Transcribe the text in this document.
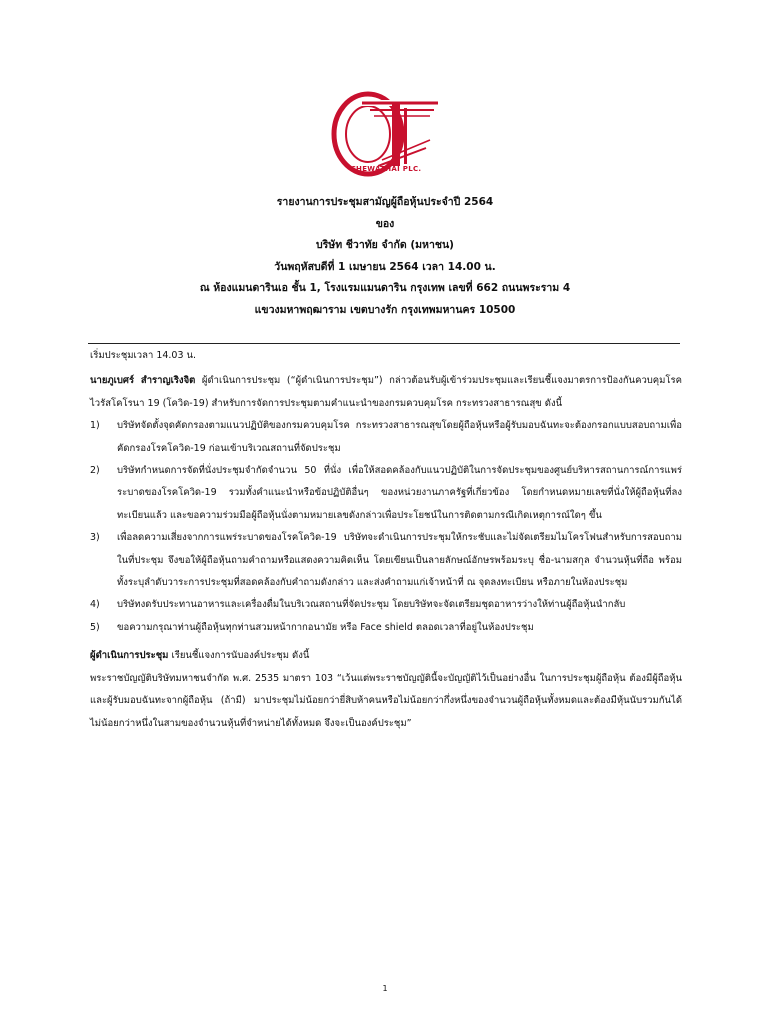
CHEWATHAI PLC.
รายงานการประชุมสามัญผู้ถือหุ้นประจำปี 2564
ของ
บริษัท ชีวาทัย จำกัด (มหาชน)
วันพฤหัสบดีที่ 1 เมษายน 2564 เวลา 14.00 น.
ณ ห้องแมนดารินเอ ชั้น 1, โรงแรมแมนดาริน กรุงเทพ เลขที่ 662 ถนนพระราม 4
แขวงมหาพฤฒาราม เขตบางรัก กรุงเทพมหานคร 10500

เริ่มประชุมเวลา 14.03 น.

นายภูเบศร์ สำราญเริงจิต ผู้ดำเนินการประชุม (“ผู้ดำเนินการประชุม”) กล่าวต้อนรับผู้เข้าร่วมประชุมและเรียนชี้แจงมาตรการป้องกันควบคุมโรคไวรัสโคโรนา 19 (โควิด-19) สำหรับการจัดการประชุมตามคำแนะนำของกรมควบคุมโรค กระทรวงสาธารณสุข ดังนี้

1) บริษัทจัดตั้งจุดคัดกรองตามแนวปฏิบัติของกรมควบคุมโรค กระทรวงสาธารณสุขโดยผู้ถือหุ้นหรือผู้รับมอบฉันทะจะต้องกรอกแบบสอบถามเพื่อคัดกรองโรคโควิด-19 ก่อนเข้าบริเวณสถานที่จัดประชุม
2) บริษัทกำหนดการจัดที่นั่งประชุมจำกัดจำนวน 50 ที่นั่ง เพื่อให้สอดคล้องกับแนวปฏิบัติในการจัดประชุมของศูนย์บริหารสถานการณ์การแพร่ระบาดของโรคโควิด-19 รวมทั้งคำแนะนำหรือข้อปฏิบัติอื่นๆ ของหน่วยงานภาครัฐที่เกี่ยวข้อง โดยกำหนดหมายเลขที่นั่งให้ผู้ถือหุ้นที่ลงทะเบียนแล้ว และขอความร่วมมือผู้ถือหุ้นนั่งตามหมายเลขดังกล่าวเพื่อประโยชน์ในการติดตามกรณีเกิดเหตุการณ์ใดๆ ขึ้น
3) เพื่อลดความเสี่ยงจากการแพร่ระบาดของโรคโควิด-19 บริษัทจะดำเนินการประชุมให้กระชับและไม่จัดเตรียมไมโครโฟนสำหรับการสอบถามในที่ประชุม จึงขอให้ผู้ถือหุ้นถามคำถามหรือแสดงความคิดเห็น โดยเขียนเป็นลายลักษณ์อักษรพร้อมระบุ ชื่อ-นามสกุล จำนวนหุ้นที่ถือ พร้อมทั้งระบุลำดับวาระการประชุมที่สอดคล้องกับคำถามดังกล่าว และส่งคำถามแก่เจ้าหน้าที่ ณ จุดลงทะเบียน หรือภายในห้องประชุม
4) บริษัทงดรับประทานอาหารและเครื่องดื่มในบริเวณสถานที่จัดประชุม โดยบริษัทจะจัดเตรียมชุดอาหารว่างให้ท่านผู้ถือหุ้นนำกลับ
5) ขอความกรุณาท่านผู้ถือหุ้นทุกท่านสวมหน้ากากอนามัย หรือ Face shield ตลอดเวลาที่อยู่ในห้องประชุม

ผู้ดำเนินการประชุม เรียนชี้แจงการนับองค์ประชุม ดังนี้

พระราชบัญญัติบริษัทมหาชนจำกัด พ.ศ. 2535 มาตรา 103 “เว้นแต่พระราชบัญญัตินี้จะบัญญัติไว้เป็นอย่างอื่น ในการประชุมผู้ถือหุ้น ต้องมีผู้ถือหุ้นและผู้รับมอบฉันทะจากผู้ถือหุ้น (ถ้ามี) มาประชุมไม่น้อยกว่ายี่สิบห้าคนหรือไม่น้อยกว่ากึ่งหนึ่งของจำนวนผู้ถือหุ้นทั้งหมดและต้องมีหุ้นนับรวมกันได้ไม่น้อยกว่าหนึ่งในสามของจำนวนหุ้นที่จำหน่ายได้ทั้งหมด จึงจะเป็นองค์ประชุม”

1
